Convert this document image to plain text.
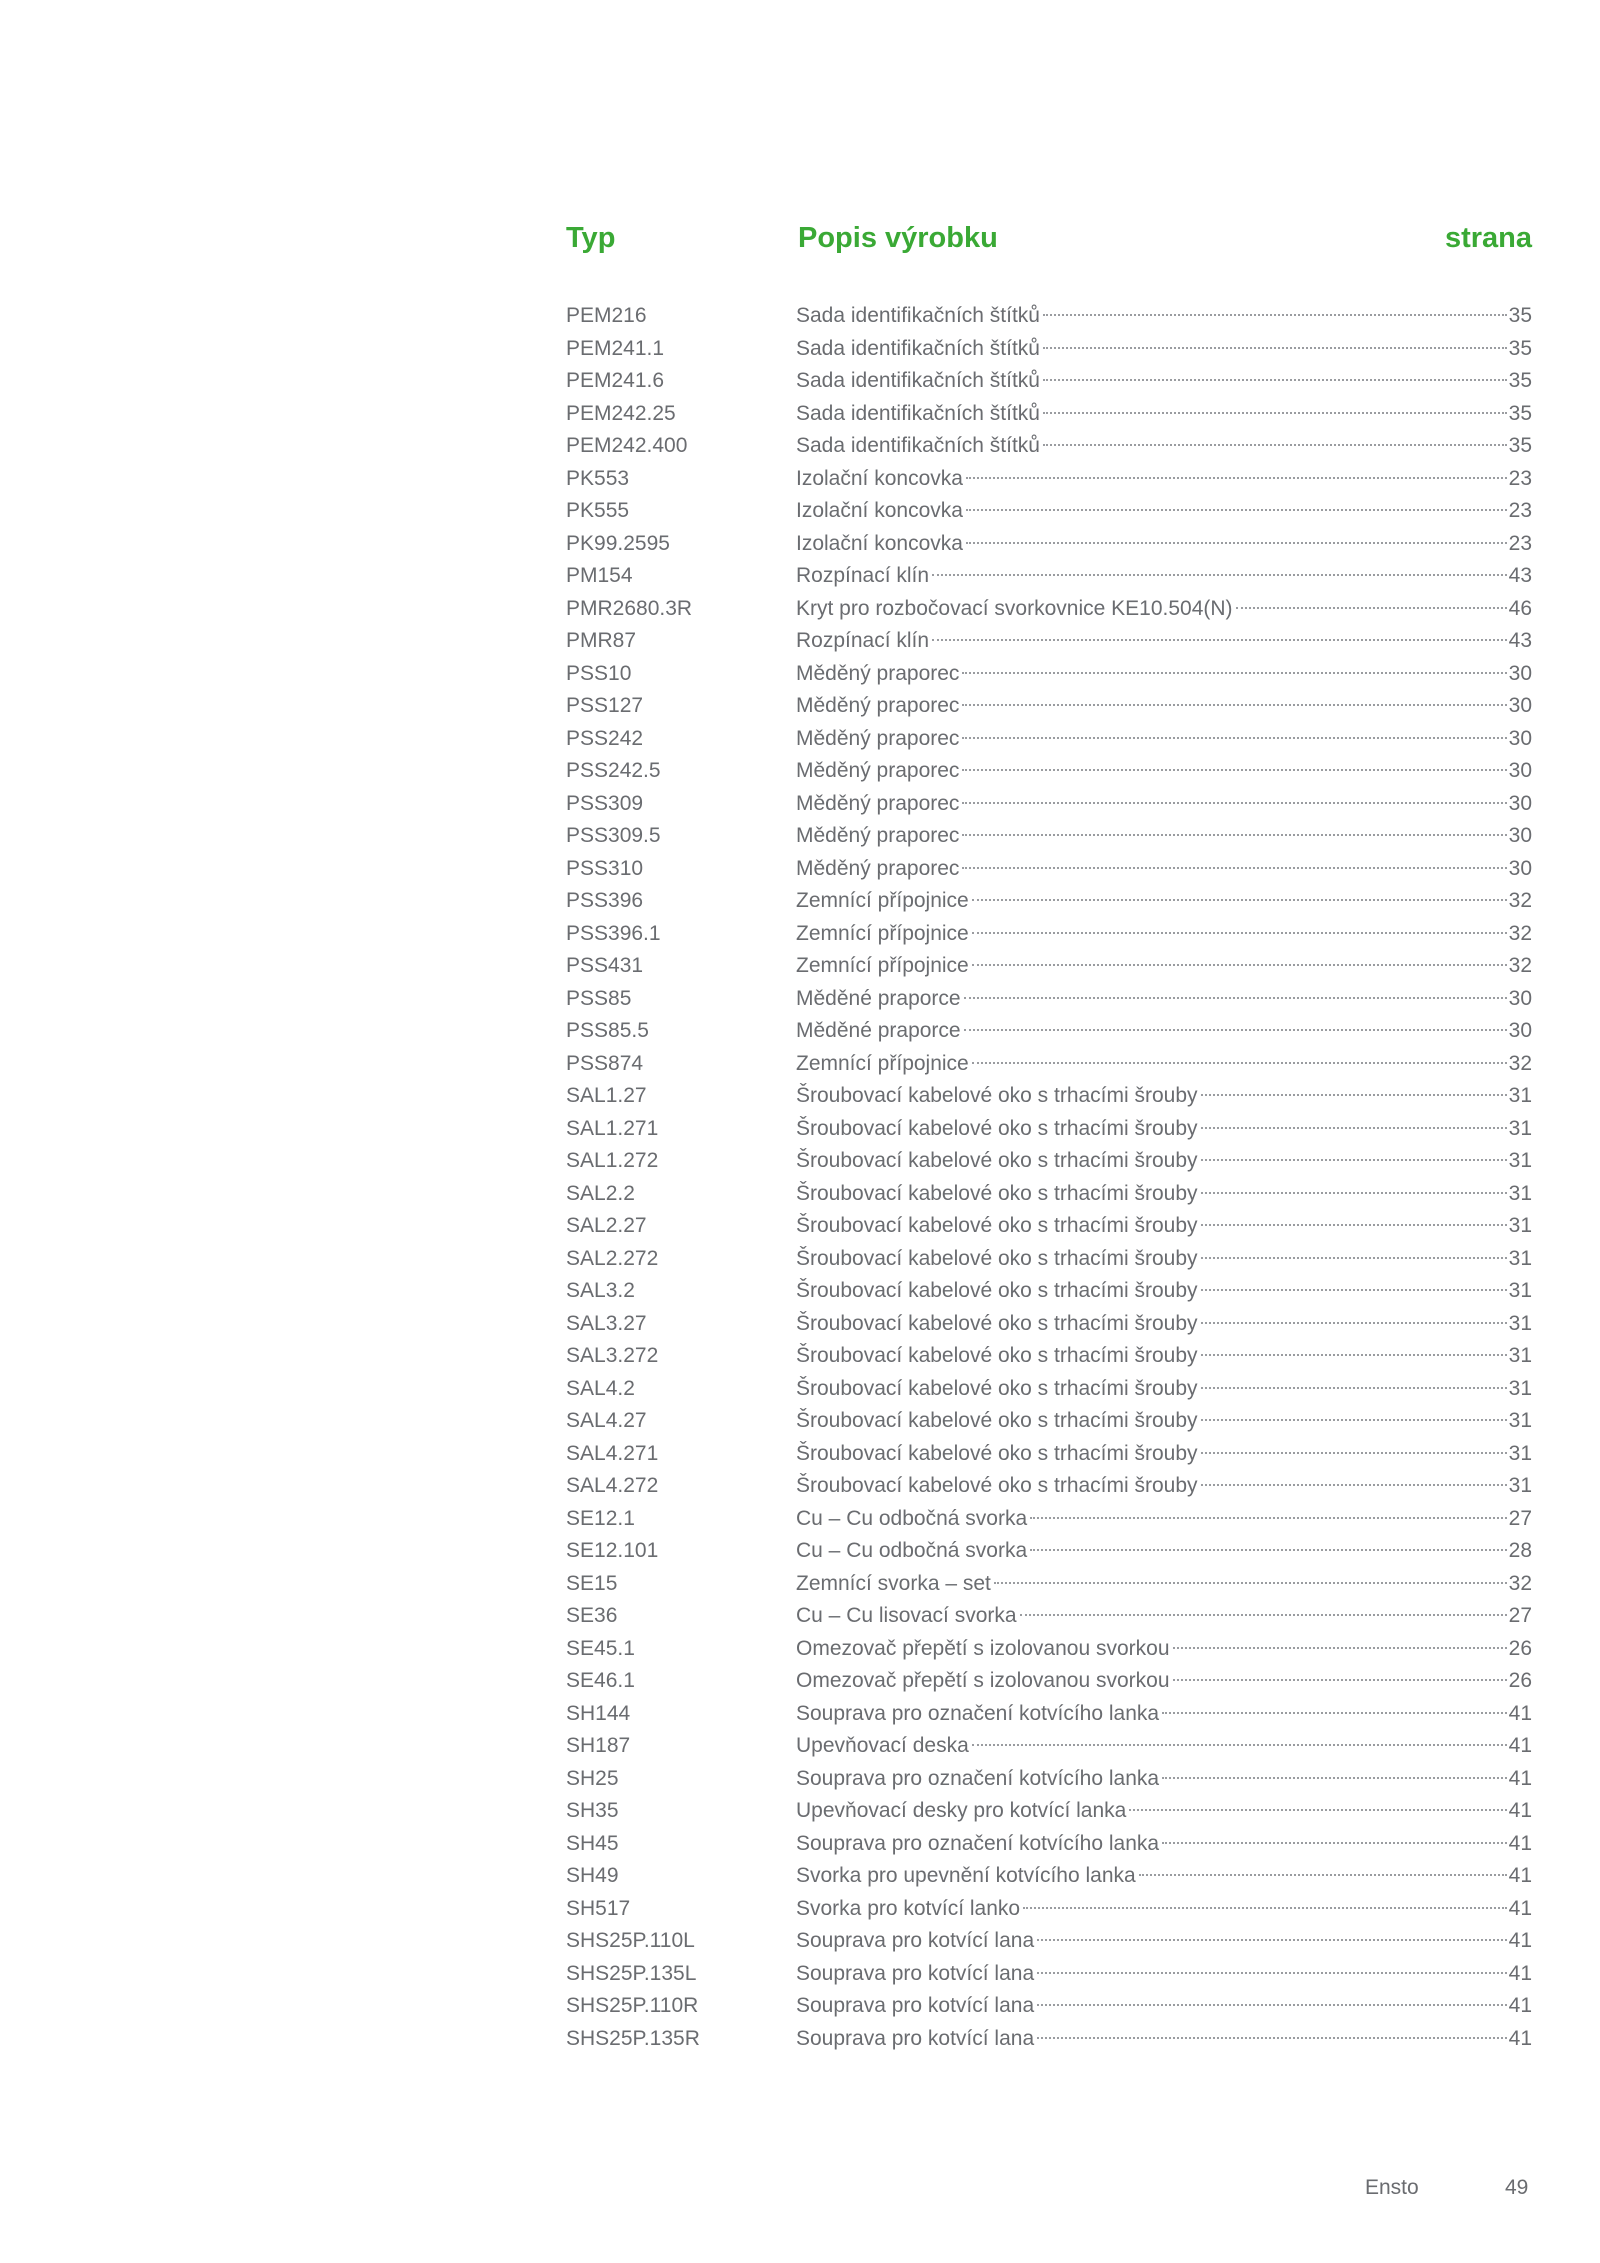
Typ	Popis výrobku	strana
PEM216	Sada identifikačních štítků	35
PEM241.1	Sada identifikačních štítků	35
PEM241.6	Sada identifikačních štítků	35
PEM242.25	Sada identifikačních štítků	35
PEM242.400	Sada identifikačních štítků	35
PK553	Izolační koncovka	23
PK555	Izolační koncovka	23
PK99.2595	Izolační koncovka	23
PM154	Rozpínací klín	43
PMR2680.3R	Kryt pro rozbočovací svorkovnice KE10.504(N)	46
PMR87	Rozpínací klín	43
PSS10	Měděný praporec	30
PSS127	Měděný praporec	30
PSS242	Měděný praporec	30
PSS242.5	Měděný praporec	30
PSS309	Měděný praporec	30
PSS309.5	Měděný praporec	30
PSS310	Měděný praporec	30
PSS396	Zemnící přípojnice	32
PSS396.1	Zemnící přípojnice	32
PSS431	Zemnící přípojnice	32
PSS85	Měděné praporce	30
PSS85.5	Měděné praporce	30
PSS874	Zemnící přípojnice	32
SAL1.27	Šroubovací kabelové oko s trhacími šrouby	31
SAL1.271	Šroubovací kabelové oko s trhacími šrouby	31
SAL1.272	Šroubovací kabelové oko s trhacími šrouby	31
SAL2.2	Šroubovací kabelové oko s trhacími šrouby	31
SAL2.27	Šroubovací kabelové oko s trhacími šrouby	31
SAL2.272	Šroubovací kabelové oko s trhacími šrouby	31
SAL3.2	Šroubovací kabelové oko s trhacími šrouby	31
SAL3.27	Šroubovací kabelové oko s trhacími šrouby	31
SAL3.272	Šroubovací kabelové oko s trhacími šrouby	31
SAL4.2	Šroubovací kabelové oko s trhacími šrouby	31
SAL4.27	Šroubovací kabelové oko s trhacími šrouby	31
SAL4.271	Šroubovací kabelové oko s trhacími šrouby	31
SAL4.272	Šroubovací kabelové oko s trhacími šrouby	31
SE12.1	Cu – Cu odbočná svorka	27
SE12.101	Cu – Cu odbočná svorka	28
SE15	Zemnící svorka – set	32
SE36	Cu – Cu lisovací svorka	27
SE45.1	Omezovač přepětí s izolovanou svorkou	26
SE46.1	Omezovač přepětí s izolovanou svorkou	26
SH144	Souprava pro označení kotvícího lanka	41
SH187	Upevňovací deska	41
SH25	Souprava pro označení kotvícího lanka	41
SH35	Upevňovací desky pro kotvící lanka	41
SH45	Souprava pro označení kotvícího lanka	41
SH49	Svorka pro upevnění kotvícího lanka	41
SH517	Svorka pro kotvící lanko	41
SHS25P.110L	Souprava pro kotvící lana	41
SHS25P.135L	Souprava pro kotvící lana	41
SHS25P.110R	Souprava pro kotvící lana	41
SHS25P.135R	Souprava pro kotvící lana	41
Ensto	49
